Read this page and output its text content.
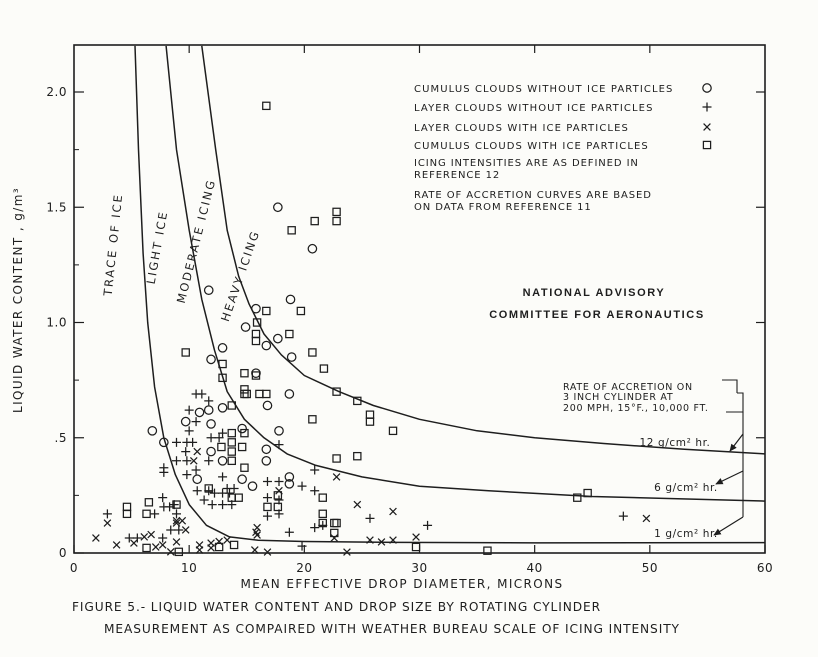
0	10	20	30	40	50	60
0
.5
1.0
1.5
2.0
TRACE OF ICE LIGHT ICE MODERATE ICING HEAVY ICING
CUMULUS CLOUDS WITHOUT ICE PARTICLES
LAYER CLOUDS WITHOUT ICE PARTICLES
LAYER CLOUDS WITH ICE PARTICLES
CUMULUS CLOUDS WITH ICE PARTICLES
ICING INTENSITIES ARE AS DEFINED IN
REFERENCE 12
RATE OF ACCRETION CURVES ARE BASED
ON DATA FROM REFERENCE 11
NATIONAL ADVISORY
COMMITTEE FOR AERONAUTICS
RATE OF ACCRETION ON
3 INCH CYLINDER AT
200 MPH, 15°F., 10,000 FT.
12 g/cm² hr.
6 g/cm² hr.
1 g/cm² hr.
MEAN EFFECTIVE DROP DIAMETER, MICRONS
LIQUID WATER CONTENT , g/m³
FIGURE 5.- LIQUID WATER CONTENT AND DROP SIZE BY ROTATING CYLINDER
MEASUREMENT AS COMPAIRED WITH WEATHER BUREAU SCALE OF ICING INTENSITY
